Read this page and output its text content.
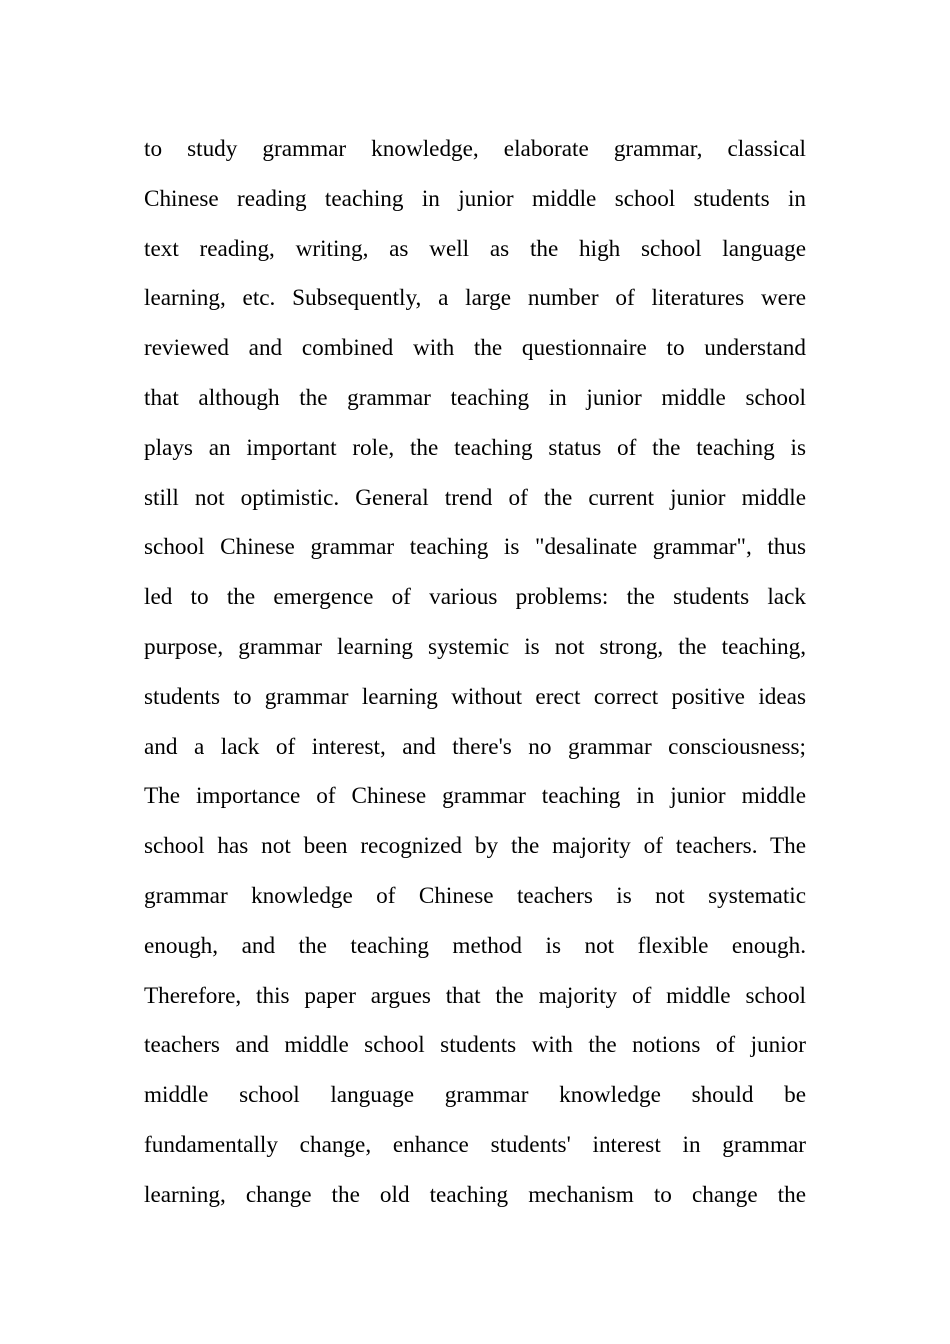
to study grammar knowledge, elaborate grammar, classical
Chinese reading teaching in junior middle school students in
text reading, writing, as well as the high school language
learning, etc. Subsequently, a large number of literatures were
reviewed and combined with the questionnaire to understand
that although the grammar teaching in junior middle school
plays an important role, the teaching status of the teaching is
still not optimistic. General trend of the current junior middle
school Chinese grammar teaching is "desalinate grammar", thus
led to the emergence of various problems: the students lack
purpose, grammar learning systemic is not strong, the teaching,
students to grammar learning without erect correct positive ideas
and a lack of interest, and there's no grammar consciousness;
The importance of Chinese grammar teaching in junior middle
school has not been recognized by the majority of teachers. The
grammar knowledge of Chinese teachers is not systematic
enough, and the teaching method is not flexible enough.
Therefore, this paper argues that the majority of middle school
teachers and middle school students with the notions of junior
middle school language grammar knowledge should be
fundamentally change, enhance students' interest in grammar
learning, change the old teaching mechanism to change the
